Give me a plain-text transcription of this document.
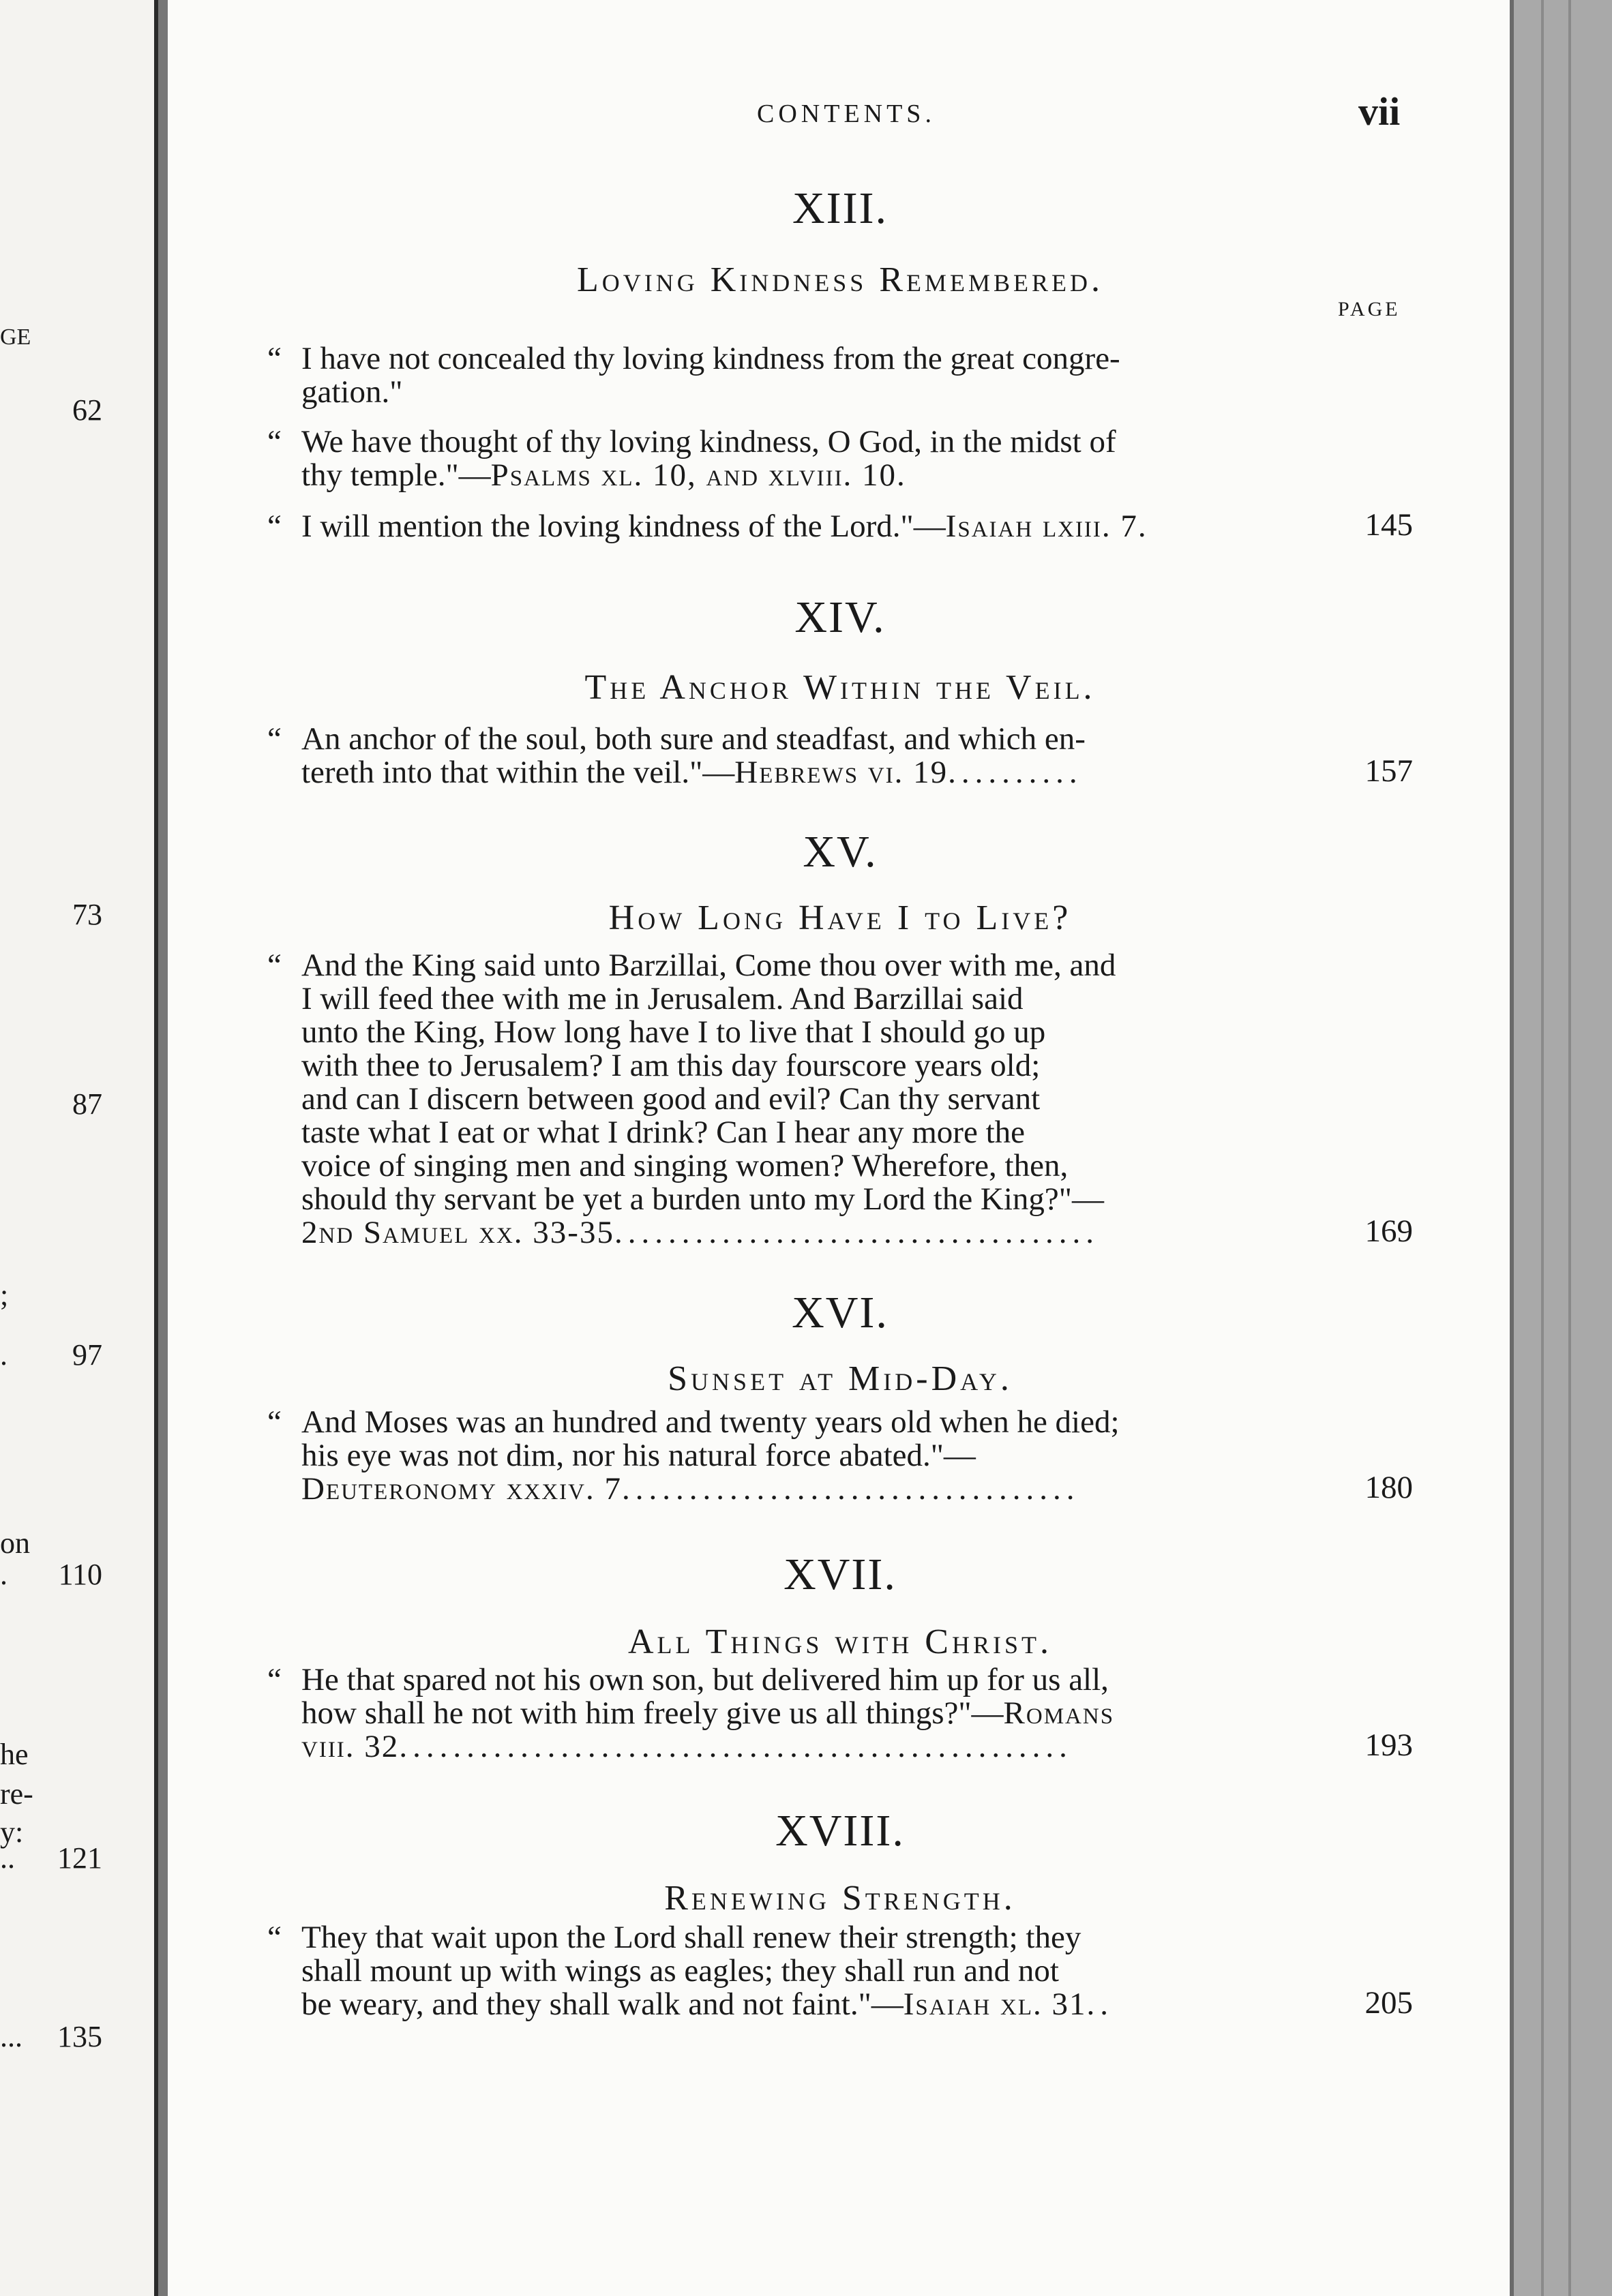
GE
62
73
87
;
.	97
on
.	110
he
re-
y:
..	121
...	135
CONTENTS.	vii
PAGE
XIII.
Loving Kindness Remembered.

“ I have not concealed thy loving kindness from the great congre-
gation."

“ We have thought of thy loving kindness, O God, in the midst of
thy temple."—Psalms xl. 10, and xlviii. 10.

“ I will mention the loving kindness of the Lord."—Isaiah lxiii. 7.	145
XIV.
The Anchor Within the Veil.

“ An anchor of the soul, both sure and steadfast, and which en-
tereth into that within the veil."—Hebrews vi. 19..........	157
XV.
How Long Have I to Live?

“ And the King said unto Barzillai, Come thou over with me, and
I will feed thee with me in Jerusalem. And Barzillai said
unto the King, How long have I to live that I should go up
with thee to Jerusalem? I am this day fourscore years old;
and can I discern between good and evil? Can thy servant
taste what I eat or what I drink? Can I hear any more the
voice of singing men and singing women? Wherefore, then,
should thy servant be yet a burden unto my Lord the King?"—
2nd Samuel xx. 33-35....................................	169
XVI.
Sunset at Mid-Day.

“ And Moses was an hundred and twenty years old when he died;
his eye was not dim, nor his natural force abated."—
Deuteronomy xxxiv. 7..................................	180
XVII.
All Things with Christ.

“ He that spared not his own son, but delivered him up for us all,
how shall he not with him freely give us all things?"—Romans
viii. 32..................................................	193
XVIII.
Renewing Strength.

“ They that wait upon the Lord shall renew their strength; they
shall mount up with wings as eagles; they shall run and not
be weary, and they shall walk and not faint."—Isaiah xl. 31..	205
